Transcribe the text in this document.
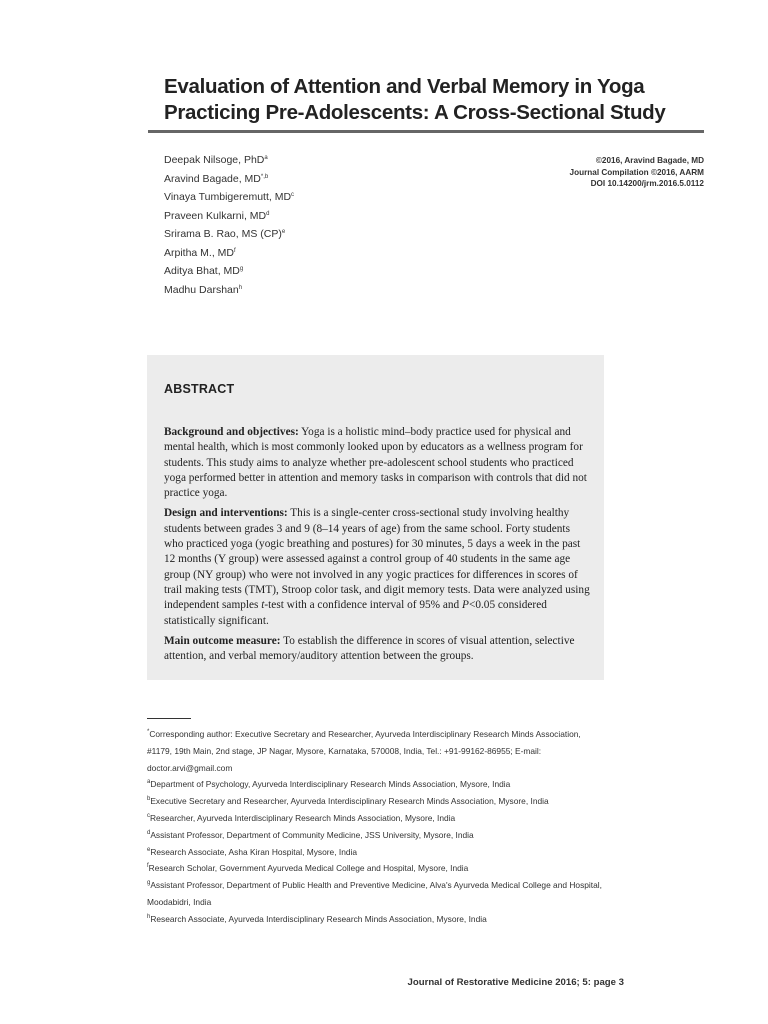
Evaluation of Attention and Verbal Memory in Yoga
Practicing Pre-Adolescents: A Cross-Sectional Study
Deepak Nilsoge, PhD$^a$
Aravind Bagade, $MD^{*,b}$
Vinaya Tumbigeremutt, $MD^c$
Praveen Kulkarni, $MD^d$
Srirama B. Rao, MS (CP)$^e$
Arpitha M., $MD^f$
Aditya Bhat, $MD^g$
Madhu Darshan$^h$
©2016, Aravind Bagade, MD
Journal Compilation ©2016, AARM
DOI 10.14200/jrm.2016.5.0112
ABSTRACT

Background and objectives: Yoga is a holistic mind–body practice used for physical and mental health, which is most commonly looked upon by educators as a wellness program for students. This study aims to analyze whether pre-adolescent school students who practiced yoga performed better in attention and memory tasks in comparison with controls that did not practice yoga.

Design and interventions: This is a single-center cross-sectional study involving healthy students between grades 3 and 9 (8–14 years of age) from the same school. Forty students who practiced yoga (yogic breathing and postures) for 30 minutes, 5 days a week in the past 12 months (Y group) were assessed against a control group of 40 students in the same age group (NY group) who were not involved in any yogic practices for differences in scores of trail making tests (TMT), Stroop color task, and digit memory tests. Data were analyzed using independent samples t-test with a confidence interval of 95% and P<0.05 considered statistically significant.

Main outcome measure: To establish the difference in scores of visual attention, selective attention, and verbal memory/auditory attention between the groups.

*Corresponding author: Executive Secretary and Researcher, Ayurveda Interdisciplinary Research Minds Association, #1179, 19th Main, 2nd stage, JP Nagar, Mysore, Karnataka, 570008, India, Tel.: +91-99162-86955; E-mail: doctor.arvi@gmail.com
$^a$Department of Psychology, Ayurveda Interdisciplinary Research Minds Association, Mysore, India
$^b$Executive Secretary and Researcher, Ayurveda Interdisciplinary Research Minds Association, Mysore, India
$^c$Researcher, Ayurveda Interdisciplinary Research Minds Association, Mysore, India
$^d$Assistant Professor, Department of Community Medicine, JSS University, Mysore, India
$^e$Research Associate, Asha Kiran Hospital, Mysore, India
$^f$Research Scholar, Government Ayurveda Medical College and Hospital, Mysore, India
$^g$Assistant Professor, Department of Public Health and Preventive Medicine, Alva's Ayurveda Medical College and Hospital, Moodabidri, India
$^h$Research Associate, Ayurveda Interdisciplinary Research Minds Association, Mysore, India
Journal of Restorative Medicine 2016; 5: page 3
